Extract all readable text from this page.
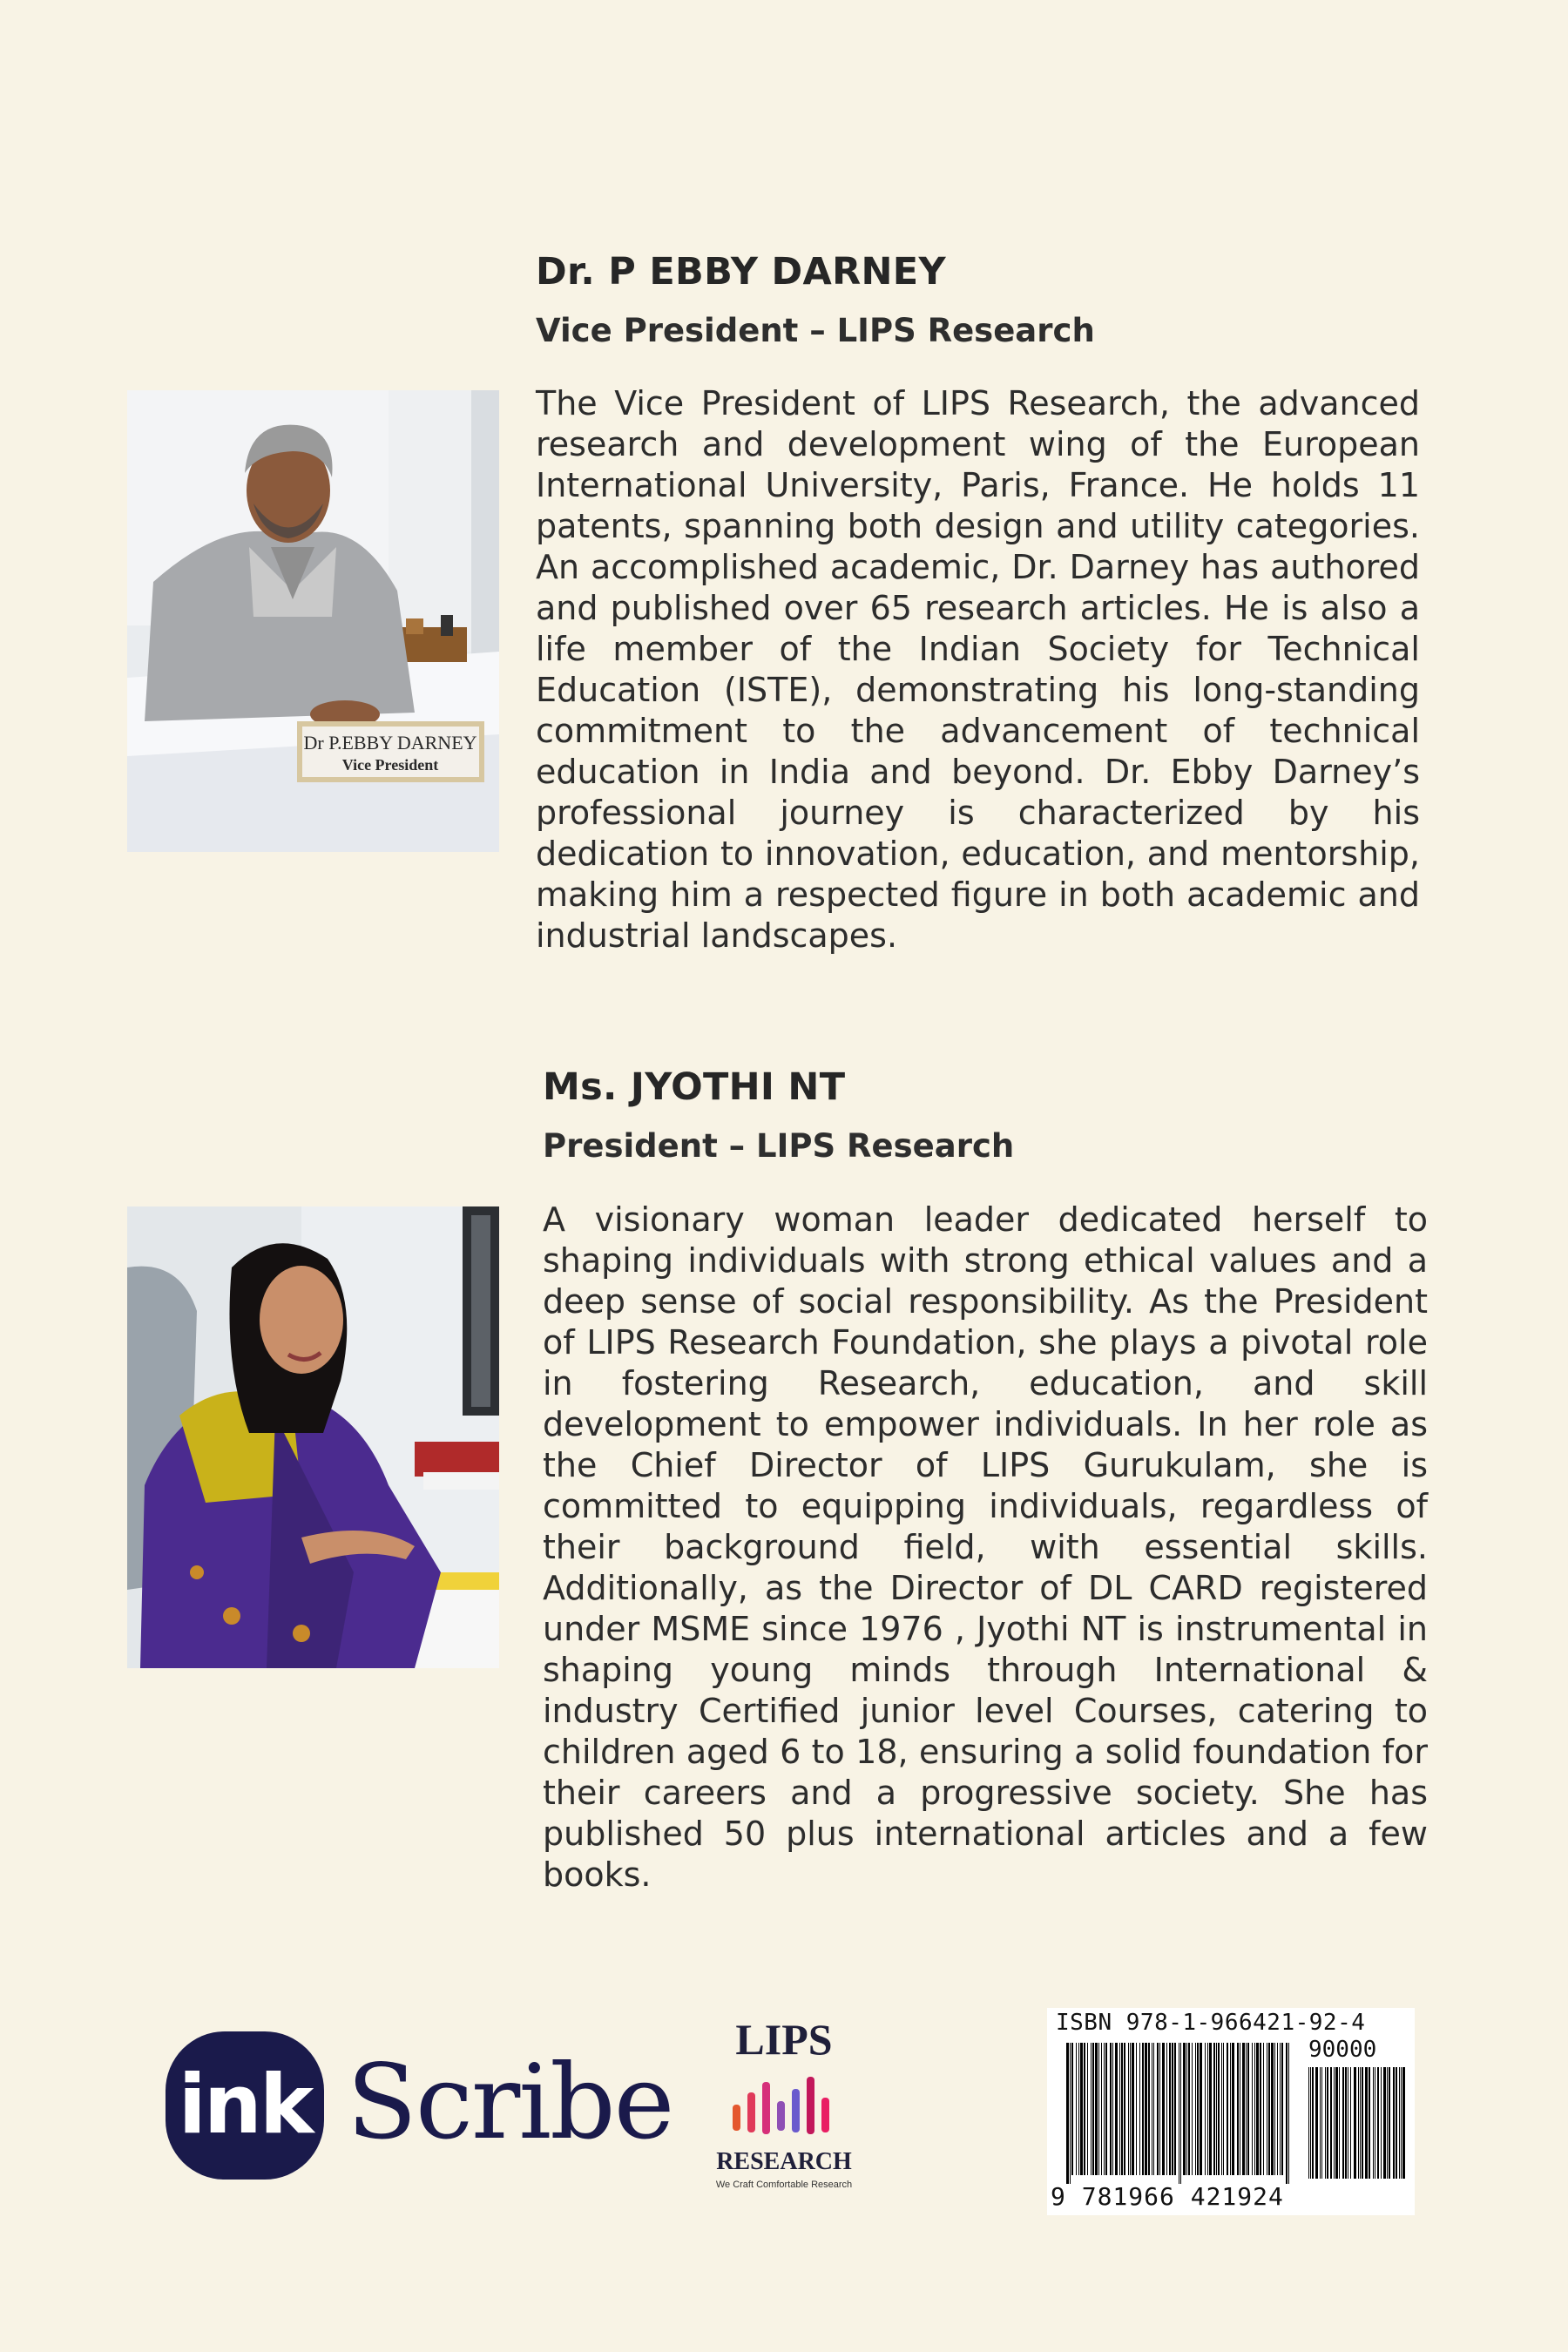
Dr. P EBBY DARNEY
Vice President – LIPS Research
Dr P.EBBY DARNEY
Vice President
The Vice President of LIPS Research, the advanced research and development wing of the European International University, Paris, France. He holds 11 patents, spanning both design and utility categories. An accomplished academic, Dr. Darney has authored and published over 65 research articles. He is also a life member of the Indian Society for Technical Education (ISTE), demonstrating his long-standing commitment to the advancement of technical education in India and beyond. Dr. Ebby Darney’s professional journey is characterized by his dedication to innovation, education, and mentorship, making him a respected figure in both academic and industrial landscapes.
Ms. JYOTHI NT
President – LIPS Research
A visionary woman leader dedicated herself to shaping individuals with strong ethical values and a deep sense of social responsibility. As the President of LIPS Research Foundation, she plays a pivotal role in fostering Research, education, and skill development to empower individuals. In her role as the Chief Director of LIPS Gurukulam, she is committed to equipping individuals, regardless of their background field, with essential skills. Additionally, as the Director of DL CARD registered under MSME since 1976 , Jyothi NT is instrumental in shaping young minds through International & industry Certified junior level Courses, catering to children aged 6 to 18, ensuring a solid foundation for their careers and a progressive society. She has published 50 plus international articles and a few books.
ink Scribe
LIPS
RESEARCH
We Craft Comfortable Research
ISBN 978-1-966421-92-4
90000
9 781966 421924
